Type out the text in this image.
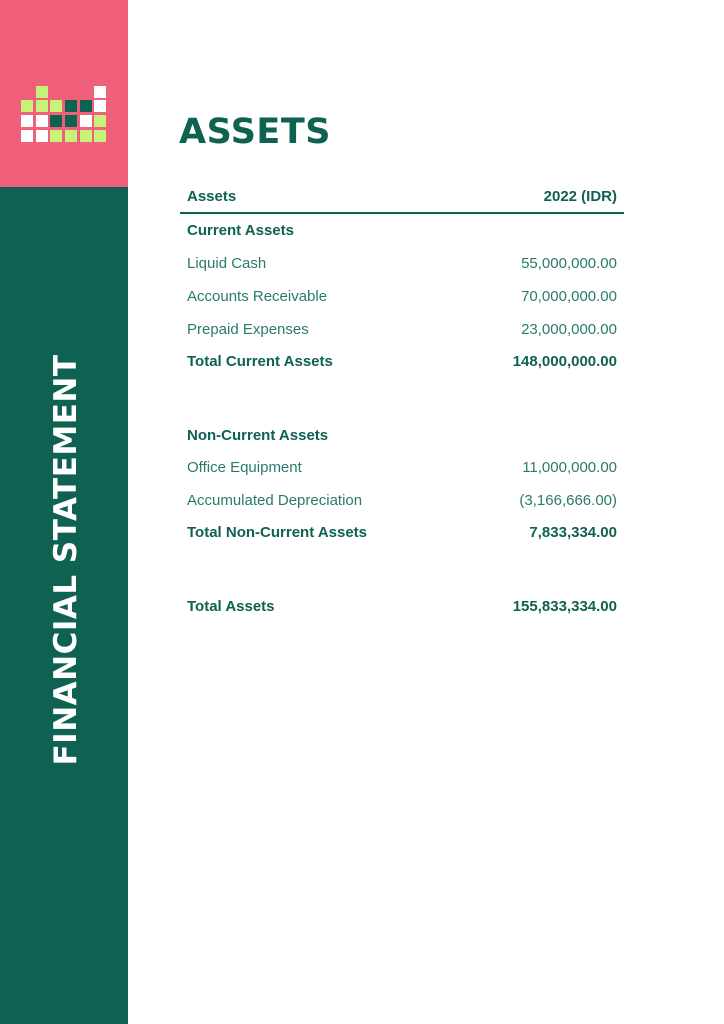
FINANCIAL STATEMENT
ASSETS
Assets	2022 (IDR)
Current Assets
Liquid Cash	55,000,000.00
Accounts Receivable	70,000,000.00
Prepaid Expenses	23,000,000.00
Total Current Assets	148,000,000.00
Non-Current Assets
Office Equipment	11,000,000.00
Accumulated Depreciation	(3,166,666.00)
Total Non-Current Assets	7,833,334.00
Total Assets	155,833,334.00
